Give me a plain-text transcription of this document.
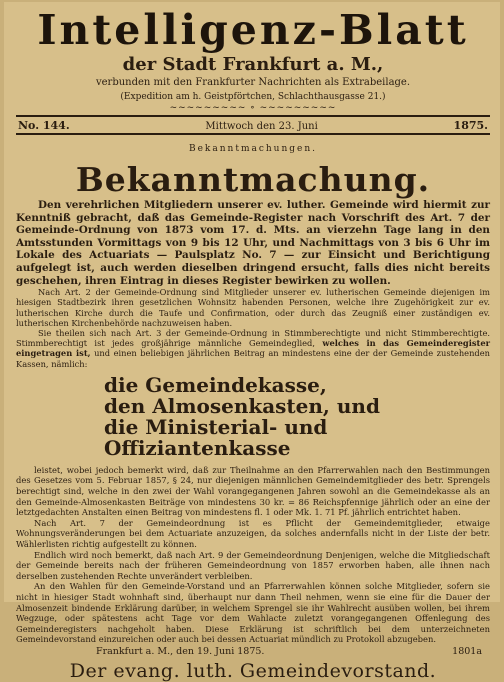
Intelligenz-Blatt
der Stadt Frankfurt a. M.,
verbunden mit den Frankfurter Nachrichten als Extrabeilage.
(Expedition am h. Geistpförtchen, Schlachthausgasse 21.)
~~~~~~~~~ ∘ ~~~~~~~~~
No. 144.	Mittwoch den 23. Juni	1875.
Bekanntmachungen.
Bekanntmachung.

Den verehrlichen Mitgliedern unserer ev. luther. Gemeinde wird hiermit zur Kenntniß gebracht, daß das Gemeinde-Register nach Vorschrift des Art. 7 der Gemeinde-Ordnung von 1873 vom 17. d. Mts. an vierzehn Tage lang in den Amtsstunden Vormittags von 9 bis 12 Uhr, und Nachmittags von 3 bis 6 Uhr im Lokale des Actuariats — Paulsplatz No. 7 — zur Einsicht und Berichtigung aufgelegt ist, auch werden dieselben dringend ersucht, falls dies nicht bereits geschehen, ihren Eintrag in dieses Register bewirken zu wollen.

Nach Art. 2 der Gemeinde-Ordnung sind Mitglieder unserer ev. lutherischen Gemeinde diejenigen im hiesigen Stadtbezirk ihren gesetzlichen Wohnsitz habenden Personen, welche ihre Zugehörigkeit zur ev. lutherischen Kirche durch die Taufe und Confirmation, oder durch das Zeugniß einer zuständigen ev. lutherischen Kirchenbehörde nachzuweisen haben.

Sie theilen sich nach Art. 3 der Gemeinde-Ordnung in Stimmberechtigte und nicht Stimmberechtigte. Stimmberechtigt ist jedes großjährige männliche Gemeindeglied, welches in das Gemeinderegister eingetragen ist, und einen beliebigen jährlichen Beitrag an mindestens eine der der Gemeinde zustehenden Kassen, nämlich:

die Gemeindekasse,
den Almosenkasten, und
die Ministerial- und Offiziantenkasse

leistet, wobei jedoch bemerkt wird, daß zur Theilnahme an den Pfarrerwahlen nach den Bestimmungen des Gesetzes vom 5. Februar 1857, § 24, nur diejenigen männlichen Gemeindemitglieder des betr. Sprengels berechtigt sind, welche in den zwei der Wahl vorangegangenen Jahren sowohl an die Gemeindekasse als an den Gemeinde-Almosenkasten Beiträge von mindestens 30 kr. = 86 Reichspfennige jährlich oder an eine der letztgedachten Anstalten einen Beitrag von mindestens fl. 1 oder Mk. 1. 71 Pf. jährlich entrichtet haben.

Nach Art. 7 der Gemeindeordnung ist es Pflicht der Gemeindemitglieder, etwaige Wohnungsveränderungen bei dem Actuariate anzuzeigen, da solches andernfalls nicht in der Liste der betr. Wählerlisten richtig aufgestellt zu können.

Endlich wird noch bemerkt, daß nach Art. 9 der Gemeindeordnung Denjenigen, welche die Mitgliedschaft der Gemeinde bereits nach der früheren Gemeindeordnung von 1857 erworben haben, alle ihnen nach derselben zustehenden Rechte unverändert verbleiben.

An den Wahlen für den Gemeinde-Vorstand und an Pfarrerwahlen können solche Mitglieder, sofern sie nicht in hiesiger Stadt wohnhaft sind, überhaupt nur dann Theil nehmen, wenn sie eine für die Dauer der Almosenzeit bindende Erklärung darüber, in welchem Sprengel sie ihr Wahlrecht ausüben wollen, bei ihrem Wegzuge, oder spätestens acht Tage vor dem Wahlacte zuletzt vorangegangenen Offenlegung des Gemeinderegisters nachgeholt haben. Diese Erklärung ist schriftlich bei dem unterzeichneten Gemeindevorstand einzureichen oder auch bei dessen Actuariat mündlich zu Protokoll abzugeben.

Frankfurt a. M., den 19. Juni 1875.	1801a

Der evang. luth. Gemeindevorstand.
